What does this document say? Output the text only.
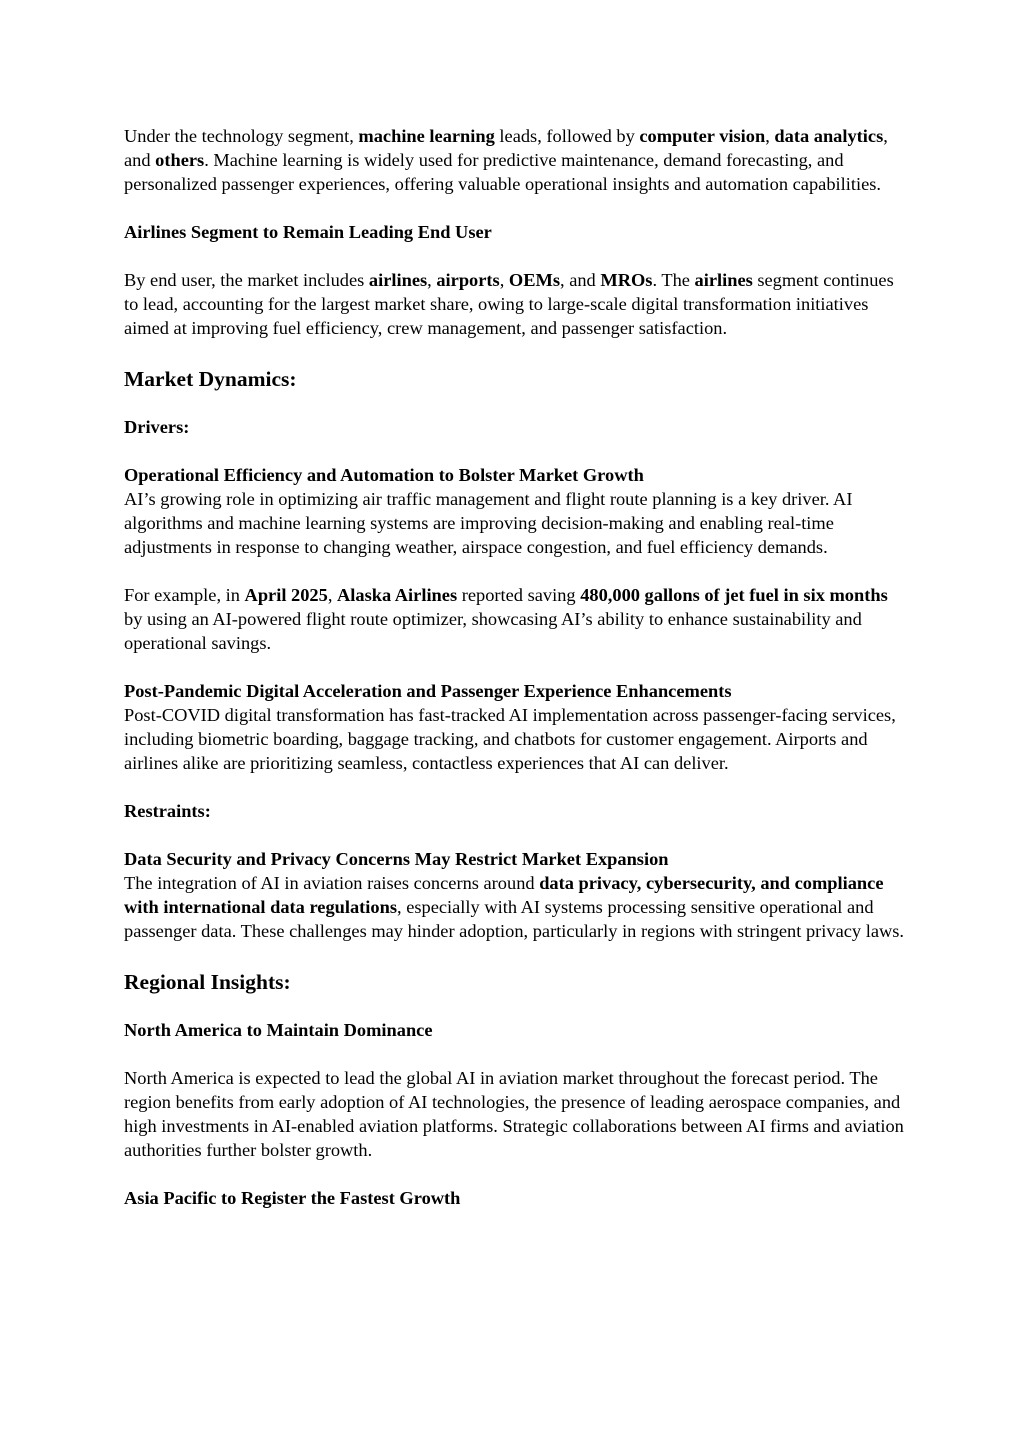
Under the technology segment, machine learning leads, followed by computer vision, data analytics, and others. Machine learning is widely used for predictive maintenance, demand forecasting, and personalized passenger experiences, offering valuable operational insights and automation capabilities.

Airlines Segment to Remain Leading End User

By end user, the market includes airlines, airports, OEMs, and MROs. The airlines segment continues to lead, accounting for the largest market share, owing to large-scale digital transformation initiatives aimed at improving fuel efficiency, crew management, and passenger satisfaction.

Market Dynamics:

Drivers:

Operational Efficiency and Automation to Bolster Market Growth

AI’s growing role in optimizing air traffic management and flight route planning is a key driver. AI algorithms and machine learning systems are improving decision-making and enabling real-time adjustments in response to changing weather, airspace congestion, and fuel efficiency demands.

For example, in April 2025, Alaska Airlines reported saving 480,000 gallons of jet fuel in six months by using an AI-powered flight route optimizer, showcasing AI’s ability to enhance sustainability and operational savings.

Post-Pandemic Digital Acceleration and Passenger Experience Enhancements

Post-COVID digital transformation has fast-tracked AI implementation across passenger-facing services, including biometric boarding, baggage tracking, and chatbots for customer engagement. Airports and airlines alike are prioritizing seamless, contactless experiences that AI can deliver.

Restraints:

Data Security and Privacy Concerns May Restrict Market Expansion

The integration of AI in aviation raises concerns around data privacy, cybersecurity, and compliance with international data regulations, especially with AI systems processing sensitive operational and passenger data. These challenges may hinder adoption, particularly in regions with stringent privacy laws.

Regional Insights:

North America to Maintain Dominance

North America is expected to lead the global AI in aviation market throughout the forecast period. The region benefits from early adoption of AI technologies, the presence of leading aerospace companies, and high investments in AI-enabled aviation platforms. Strategic collaborations between AI firms and aviation authorities further bolster growth.

Asia Pacific to Register the Fastest Growth
